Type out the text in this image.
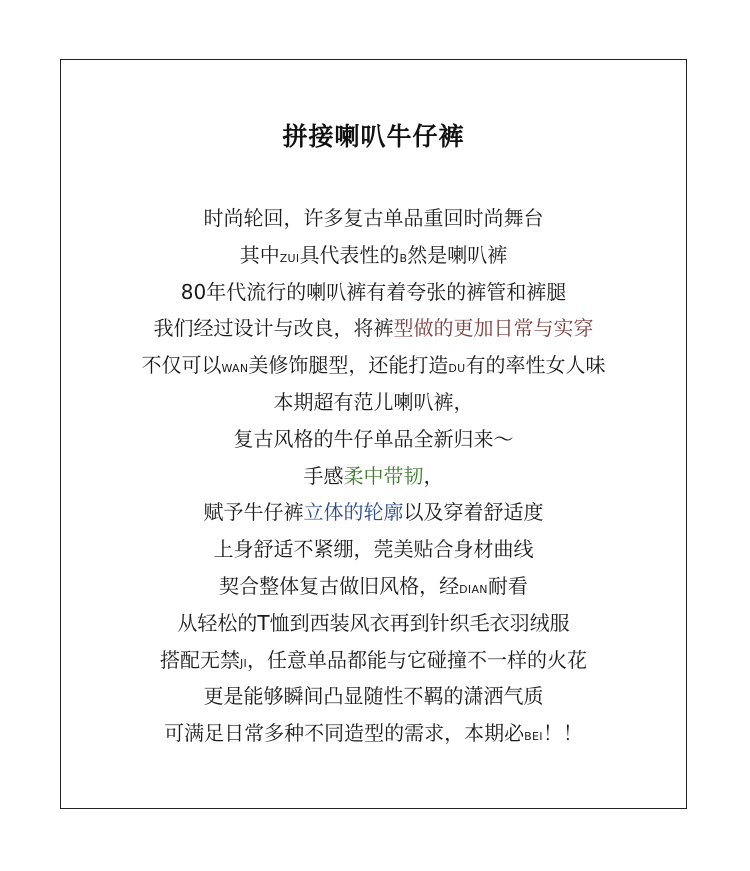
拼接喇叭牛仔裤
时尚轮回，许多复古单品重回时尚舞台
其中ZUI具代表性的B然是喇叭裤
80年代流行的喇叭裤有着夸张的裤管和裤腿
我们经过设计与改良，将裤型做的更加日常与实穿
不仅可以WAN美修饰腿型，还能打造DU有的率性女人味
本期超有范儿喇叭裤，
复古风格的牛仔单品全新归来～
手感柔中带韧，
赋予牛仔裤立体的轮廓以及穿着舒适度
上身舒适不紧绷，莞美贴合身材曲线
契合整体复古做旧风格，经DIAN耐看
从轻松的T恤到西装风衣再到针织毛衣羽绒服
搭配无禁JI，任意单品都能与它碰撞不一样的火花
更是能够瞬间凸显随性不羁的潇洒气质
可满足日常多种不同造型的需求，本期必BEI！！
